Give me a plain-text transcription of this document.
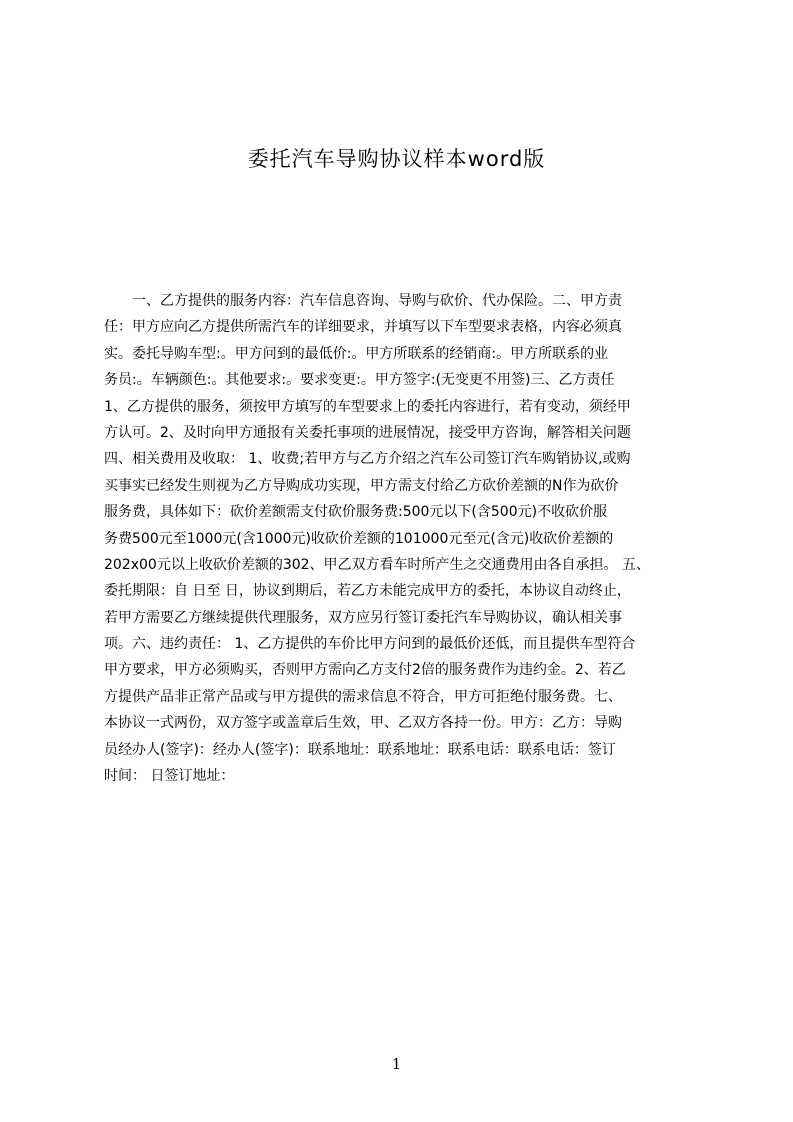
委托汽车导购协议样本word版
　　一、乙方提供的服务内容：汽车信息咨询、导购与砍价、代办保险。二、甲方责
任：甲方应向乙方提供所需汽车的详细要求，并填写以下车型要求表格，内容必须真
实。委托导购车型:。甲方问到的最低价:。甲方所联系的经销商:。甲方所联系的业
务员:。车辆颜色:。其他要求:。要求变更:。甲方签字:(无变更不用签)三、乙方责任
1、乙方提供的服务，须按甲方填写的车型要求上的委托内容进行，若有变动，须经甲
方认可。2、及时向甲方通报有关委托事项的进展情况，接受甲方咨询，解答相关问题
四、相关费用及收取： 1、收费;若甲方与乙方介绍之汽车公司签订汽车购销协议,或购
买事实已经发生则视为乙方导购成功实现，甲方需支付给乙方砍价差额的N作为砍价
服务费，具体如下：砍价差额需支付砍价服务费:500元以下(含500元)不收砍价服
务费500元至1000元(含1000元)收砍价差额的101000元至元(含元)收砍价差额的
202x00元以上收砍价差额的302、甲乙双方看车时所产生之交通费用由各自承担。 五、
委托期限：自 日至 日，协议到期后，若乙方未能完成甲方的委托，本协议自动终止，
若甲方需要乙方继续提供代理服务，双方应另行签订委托汽车导购协议，确认相关事
项。六、违约责任： 1、乙方提供的车价比甲方问到的最低价还低，而且提供车型符合
甲方要求，甲方必须购买，否则甲方需向乙方支付2倍的服务费作为违约金。2、若乙
方提供产品非正常产品或与甲方提供的需求信息不符合，甲方可拒绝付服务费。七、
本协议一式两份，双方签字或盖章后生效，甲、乙双方各持一份。甲方：乙方：导购
员经办人(签字)：经办人(签字)：联系地址：联系地址：联系电话：联系电话：签订
时间： 日签订地址：
1
